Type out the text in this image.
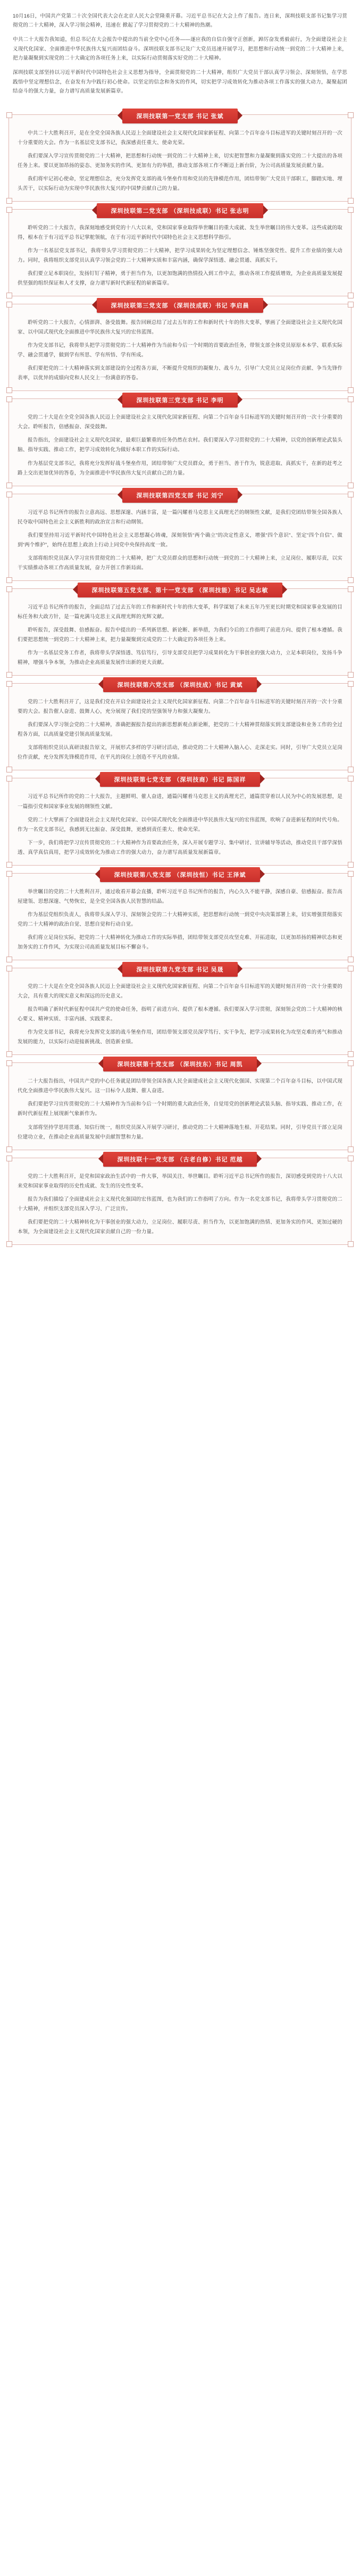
10月16日，中国共产党第二十次全国代表大会在北京人民大会堂隆重开幕。习近平总书记在大会上作了报告。连日来，深圳技联支部书记集学习贯彻党的二十大精神，深入学习领会精神，迅速在 掀起了学习贯彻党的二十大精神的热潮。

中共二十大报告我知道，但总书记在大会报告中提出的当前全党中心任务——逐应我的自信自强守正创新，踔厉奋发勇毅前行，为全面建设社会主义现代化国家、全面推进中华民族伟大复兴而团结奋斗。深圳技联支部书记及广大党员迅速开展学习，把思想和行动统一到党的二十大精神上来，把力量凝聚到实现党的二十大确定的各项任务上来，以实际行动贯彻落实好党的二十大精神。

深圳技联支部坚持以习近平新时代中国特色社会主义思想为指导，全面贯彻党的二十大精神，组织广大党员干部认真学习领会、深刻领悟，在学思践悟中坚定理想信念，在奋发有为中践行初心使命。以坚定的信念和务实的作风，切实把学习成效转化为推动各项工作落实的强大动力，凝聚起团结奋斗的强大力量，奋力谱写高质量发展新篇章。

深圳技联第一党支部 书记 张斌

中共二十大胜利召开，是在全党全国各族人民迈上全面建设社会主义现代化国家新征程、向第二个百年奋斗目标进军的关键时刻召开的一次十分重要的大会。作为一名基层党支部书记，我深感责任重大、使命光荣。

我们要深入学习宣传贯彻党的二十大精神，把思想和行动统一到党的二十大精神上来，切实把智慧和力量凝聚到落实党的二十大提出的各项任务上来。要以更加昂扬的姿态、更加务实的作风、更加有力的举措，推动支部各项工作不断迈上新台阶，为公司高质量发展贡献力量。

我们将牢记初心使命，坚定理想信念，充分发挥党支部的战斗堡垒作用和党员的先锋模范作用，团结带领广大党员干部职工，脚踏实地、埋头苦干，以实际行动为实现中华民族伟大复兴的中国梦贡献自己的力量。

深圳技联第二党支部 （深圳技成联）书记 张志明

聆听党的二十大报告，我深刻地感受到党的十八大以来，党和国家事业取得举世瞩目的重大成就、发生举世瞩目的伟大变革。这些成就的取得，根本在于有习近平总书记掌舵领航，在于有习近平新时代中国特色社会主义思想科学指引。

作为一名基层党支部书记，我将带头学习贯彻党的二十大精神，把学习成果转化为坚定理想信念、锤炼坚强党性、提升工作业绩的强大动力。同时，我将组织支部党员认真学习领会党的二十大精神实质和丰富内涵，确保学深悟透、融会贯通、真抓实干。

我们要立足本职岗位，发扬钉钉子精神，勇于担当作为，以更加饱满的热情投入到工作中去，推动各项工作提质增效，为企业高质量发展提供坚强的组织保证和人才支撑，奋力谱写新时代新征程的崭新篇章。

深圳技联第三党支部 （深圳技成联）书记 李启晨

聆听党的二十大报告，心情澎湃、备受鼓舞。报告回顾总结了过去五年的工作和新时代十年的伟大变革，擘画了全面建设社会主义现代化国家、以中国式现代化全面推进中华民族伟大复兴的宏伟蓝图。

作为党支部书记，我将带头把学习贯彻党的二十大精神作为当前和今后一个时期的首要政治任务，带领支部全体党员原原本本学、联系实际学、融会贯通学，做到学有所思、学有所悟、学有所成。

我们要把党的二十大精神落实到支部建设的全过程各方面，不断提升党组织的凝聚力、战斗力，引导广大党员立足岗位作贡献、争当先锋作表率，以优异的成绩向党和人民交上一份满意的答卷。

深圳技联第三党支部 书记 李明

党的二十大是在全党全国各族人民迈上全面建设社会主义现代化国家新征程、向第二个百年奋斗目标进军的关键时刻召开的一次十分重要的大会。聆听报告，倍感振奋、深受鼓舞。

报告指出，全面建设社会主义现代化国家，最艰巨最繁重的任务仍然在农村。我们要深入学习贯彻党的二十大精神，以党的创新理论武装头脑、指导实践、推动工作，把学习成效转化为做好本职工作的实际行动。

作为基层党支部书记，我将充分发挥好战斗堡垒作用，团结带领广大党员群众，勇于担当、善于作为，锐意进取、真抓实干，在新的赶考之路上交出更加优异的答卷，为全面推进中华民族伟大复兴贡献自己的力量。

深圳技联第四党支部 书记 刘宁

习近平总书记所作的报告立意高远、思想深邃、内涵丰富，是一篇闪耀着马克思主义真理光芒的纲领性文献，是我们党团结带领全国各族人民夺取中国特色社会主义新胜利的政治宣言和行动纲领。

我们要坚持用习近平新时代中国特色社会主义思想凝心铸魂，深刻领悟“两个确立”的决定性意义，增强“四个意识”、坚定“四个自信”、做到“两个维护”，始终在思想上政治上行动上同党中央保持高度一致。

支部将组织党员深入学习宣传贯彻党的二十大精神，把广大党员群众的思想和行动统一到党的二十大精神上来，立足岗位、履职尽责，以实干实绩推动各项工作高质量发展，奋力开创工作新局面。

深圳技联第五党支部、第十一党支部 （深圳技能）书记 吴志敏

习近平总书记所作的报告，全面总结了过去五年的工作和新时代十年的伟大变革，科学谋划了未来五年乃至更长时期党和国家事业发展的目标任务和大政方针，是一篇充满马克思主义真理光辉的光辉文献。

聆听报告，深受鼓舞、倍感振奋。报告中提出的一系列新思想、新论断、新举措，为我们今后的工作指明了前进方向、提供了根本遵循。我们要把思想统一到党的二十大精神上来，把力量凝聚到完成党的二十大确定的各项任务上来。

作为一名基层党务工作者，我将带头学深悟透、笃信笃行，引导支部党员把学习成果转化为干事创业的强大动力，立足本职岗位，发扬斗争精神，增强斗争本领，为推动企业高质量发展作出新的更大贡献。

深圳技联第六党支部 （深圳技成）书记 黄斌

党的二十大胜利召开了，这是我们党在开启全面建设社会主义现代化国家新征程、向第二个百年奋斗目标进军的关键时刻召开的一次十分重要的大会。报告催人奋进、鼓舞人心，充分展现了我们党的坚强领导力和强大凝聚力。

我们要深入学习领会党的二十大精神，准确把握报告提出的新思想新观点新论断，把党的二十大精神贯彻落实到支部建设和业务工作的全过程各方面，以高质量党建引领高质量发展。

支部将组织党员认真研读报告原文，开展形式多样的学习研讨活动，推动党的二十大精神入脑入心、走深走实。同时，引导广大党员立足岗位作贡献，充分发挥先锋模范作用，在平凡的岗位上创造不平凡的业绩。

深圳技联第七党支部 （深圳技商）书记 陈国祥

习近平总书记所作的党的二十大报告，主题鲜明、催人奋进，通篇闪耀着马克思主义的真理光芒，通篇贯穿着以人民为中心的发展思想，是一篇指引党和国家事业发展的纲领性文献。

党的二十大擘画了全面建设社会主义现代化国家、以中国式现代化全面推进中华民族伟大复兴的宏伟蓝图，吹响了奋进新征程的时代号角。作为一名党支部书记，我感到无比振奋、深受鼓舞，更感到责任重大、使命光荣。

下一步，我们将把学习宣传贯彻党的二十大精神作为首要政治任务，深入开展专题学习、集中研讨、宣讲辅导等活动，推动党员干部学深悟透、真学真信真用，把学习成效转化为推动工作的强大动力，奋力谱写高质量发展新篇章。

深圳技联第八党支部 （深圳技恒）书记 王泽斌

举世瞩目的党的二十大胜利召开，通过收看开幕会直播，聆听习近平总书记所作的报告，内心久久不能平静，深感自豪、倍感振奋。报告高屋建瓴、思想深邃、气势恢宏，是全党全国各族人民智慧的结晶。

作为基层党组织负责人，我将带头深入学习、深刻领会党的二十大精神实质，把思想和行动统一到党中央决策部署上来，切实增强贯彻落实党的二十大精神的政治自觉、思想自觉和行动自觉。

我们将立足岗位实际，把党的二十大精神转化为推动工作的实际举措，团结带领支部党员攻坚克难、开拓进取，以更加昂扬的精神状态和更加务实的工作作风，为实现公司高质量发展目标不懈奋斗。

深圳技联第九党支部 书记 吴晟

党的二十大是在全党全国各族人民迈上全面建设社会主义现代化国家新征程、向第二个百年奋斗目标进军的关键时刻召开的一次十分重要的大会，具有重大的现实意义和深远的历史意义。

报告明确了新时代新征程中国共产党的使命任务，指明了前进方向、提供了根本遵循。我们要深入学习贯彻，深刻领会党的二十大精神的核心要义、精神实质、丰富内涵、实践要求。

作为党支部书记，我将充分发挥党支部的战斗堡垒作用，团结带领支部党员深学笃行、实干争先，把学习成果转化为攻坚克难的勇气和推动发展的能力，以实际行动迎接新挑战、创造新业绩。

深圳技联第十党支部 （深圳技东）书记 周凯

二十大报告指出，中国共产党的中心任务就是团结带领全国各族人民全面建成社会主义现代化强国、实现第二个百年奋斗目标，以中国式现代化全面推进中华民族伟大复兴。这一目标令人鼓舞、催人奋进。

我们要把学习宣传贯彻党的二十大精神作为当前和今后一个时期的重大政治任务，自觉用党的创新理论武装头脑、指导实践、推动工作，在新时代新征程上展现新气象新作为。

支部将坚持学思用贯通、知信行统一，组织党员深入开展学习研讨，推动党的二十大精神落地生根、开花结果。同时，引导党员干部立足岗位建功立业，在推动企业高质量发展中贡献智慧和力量。

深圳技联十一党支部 （古老自修）书记 范越

党的二十大胜利召开，是党和国家政治生活中的一件大事，举国关注、举世瞩目。聆听习近平总书记所作的报告，深切感受到党的十八大以来党和国家事业取得的历史性成就、发生的历史性变革。

报告为我们描绘了全面建成社会主义现代化强国的宏伟蓝图，也为我们的工作指明了方向。作为一名党支部书记，我将带头学习贯彻党的二十大精神，并组织支部党员深入学习、广泛宣传。

我们要把党的二十大精神转化为干事创业的强大动力，立足岗位、履职尽责、担当作为，以更加饱满的热情、更加务实的作风、更加过硬的本领，为全面建设社会主义现代化国家贡献自己的一份力量。
